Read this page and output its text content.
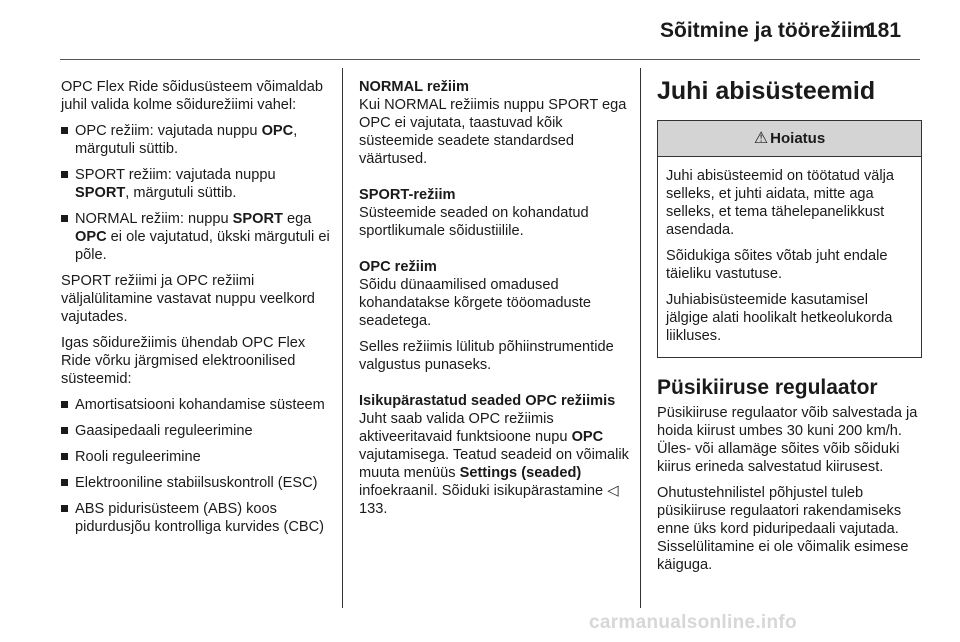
Sõitmine ja töörežiim
181

OPC Flex Ride sõidusüsteem võimaldab juhil valida kolme sõidurežiimi vahel:

OPC režiim: vajutada nuppu OPC, märgutuli süttib.
SPORT režiim: vajutada nuppu SPORT, märgutuli süttib.
NORMAL režiim: nuppu SPORT ega OPC ei ole vajutatud, ükski märgutuli ei põle.

SPORT režiimi ja OPC režiimi väljalülitamine vastavat nuppu veelkord vajutades.

Igas sõidurežiimis ühendab OPC Flex Ride võrku järgmised elektroonilised süsteemid:

Amortisatsiooni kohandamise süsteem
Gaasipedaali reguleerimine
Rooli reguleerimine
Elektrooniline stabiilsuskontroll (ESC)
ABS pidurisüsteem (ABS) koos pidurdusjõu kontrolliga kurvides (CBC)
NORMAL režiim

Kui NORMAL režiimis nuppu SPORT ega OPC ei vajutata, taastuvad kõik süsteemide seadete standardsed väärtused.

SPORT-režiim

Süsteemide seaded on kohandatud sportlikumale sõidustiilile.

OPC režiim

Sõidu dünaamilised omadused kohandatakse kõrgete tööomaduste seadetega.

Selles režiimis lülitub põhiinstrumentide valgustus punaseks.

Isikupärastatud seaded OPC režiimis

Juht saab valida OPC režiimis aktiveeritavaid funktsioone nupu OPC vajutamisega. Teatud seadeid on võimalik muuta menüüs Settings (seaded) infoekraanil. Sõiduki isikupärastamine ◁ 133.

Juhi abisüsteemid
⚠ Hoiatus

Juhi abisüsteemid on töötatud välja selleks, et juhti aidata, mitte aga selleks, et tema tähelepanelikkust asendada.

Sõidukiga sõites võtab juht endale täieliku vastutuse.

Juhiabisüsteemide kasutamisel jälgige alati hoolikalt hetkeolukorda liikluses.

Püsikiiruse regulaator

Püsikiiruse regulaator võib salvestada ja hoida kiirust umbes 30 kuni 200 km/h. Üles- või allamäge sõites võib sõiduki kiirus erineda salvestatud kiirusest.

Ohutustehnilistel põhjustel tuleb püsikiiruse regulaatori rakendamiseks enne üks kord piduripedaali vajutada. Sisselülitamine ei ole võimalik esimese käiguga.

carmanualsonline.info
